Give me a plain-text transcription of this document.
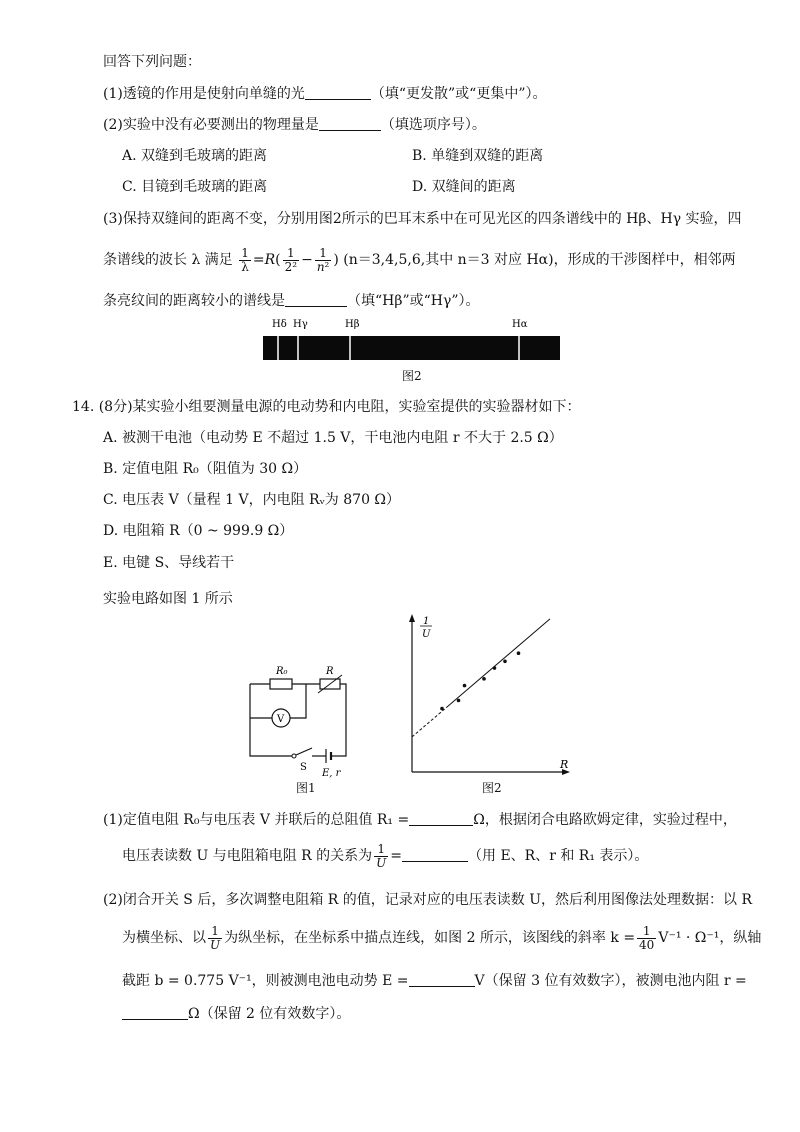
回答下列问题：
(1)透镜的作用是使射向单缝的光	（填“更发散”或“更集中”）。
(2)实验中没有必要测出的物理量是	（填选项序号）。
A. 双缝到毛玻璃的距离	B. 单缝到双缝的距离
C. 目镜到毛玻璃的距离	D. 双缝间的距离
(3)保持双缝间的距离不变，分别用图2所示的巴耳末系中在可见光区的四条谱线中的 Hβ、Hγ 实验，四
条谱线的波长 λ 满足 $\frac{1}{\lambda} =R( \frac{1}{\text{2²}} - \frac{1}{\text{n²}}$ ) (n＝3,4,5,6,其中 n＝3 对应 Hα)，形成的干涉图样中，相邻两
条亮纹间的距离较小的谱线是	（填“Hβ”或“Hγ”）。
Hδ Hγ	Hβ	Hα
图2
14. (8分)某实验小组要测量电源的电动势和内电阻，实验室提供的实验器材如下：
A. 被测干电池（电动势 E 不超过 1.5 V，干电池内电阻 r 不大于 2.5 Ω）
B. 定值电阻 R₀（阻值为 30 Ω）
C. 电压表 V（量程 1 V，内电阻 Rᵥ为 870 Ω）
D. 电阻箱 R（0 ~ 999.9 Ω）
E. 电键 S、导线若干
实验电路如图 1 所示
V
R₀	R
S
E, r
图1
1
U
R
图2
(1)定值电阻 R₀与电压表 V 并联后的总阻值 R₁ =	Ω，根据闭合电路欧姆定律，实验过程中，
电压表读数 U 与电阻箱电阻 R 的关系为 $\frac{1}{U}$ =	（用 E、R、r 和 R₁ 表示）。
(2)闭合开关 S 后，多次调整电阻箱 R 的值，记录对应的电压表读数 U，然后利用图像法处理数据：以 R
为横坐标、以 $\frac{1}{U}$ 为纵坐标，在坐标系中描点连线，如图 2 所示，该图线的斜率 $k = \frac{1}{40} V^{-1} \cdot \Omega^{-1}$，纵轴
截距 b = 0.775 V⁻¹，则被测电池电动势 E =	V（保留 3 位有效数字），被测电池内阻 r =
Ω（保留 2 位有效数字）。
